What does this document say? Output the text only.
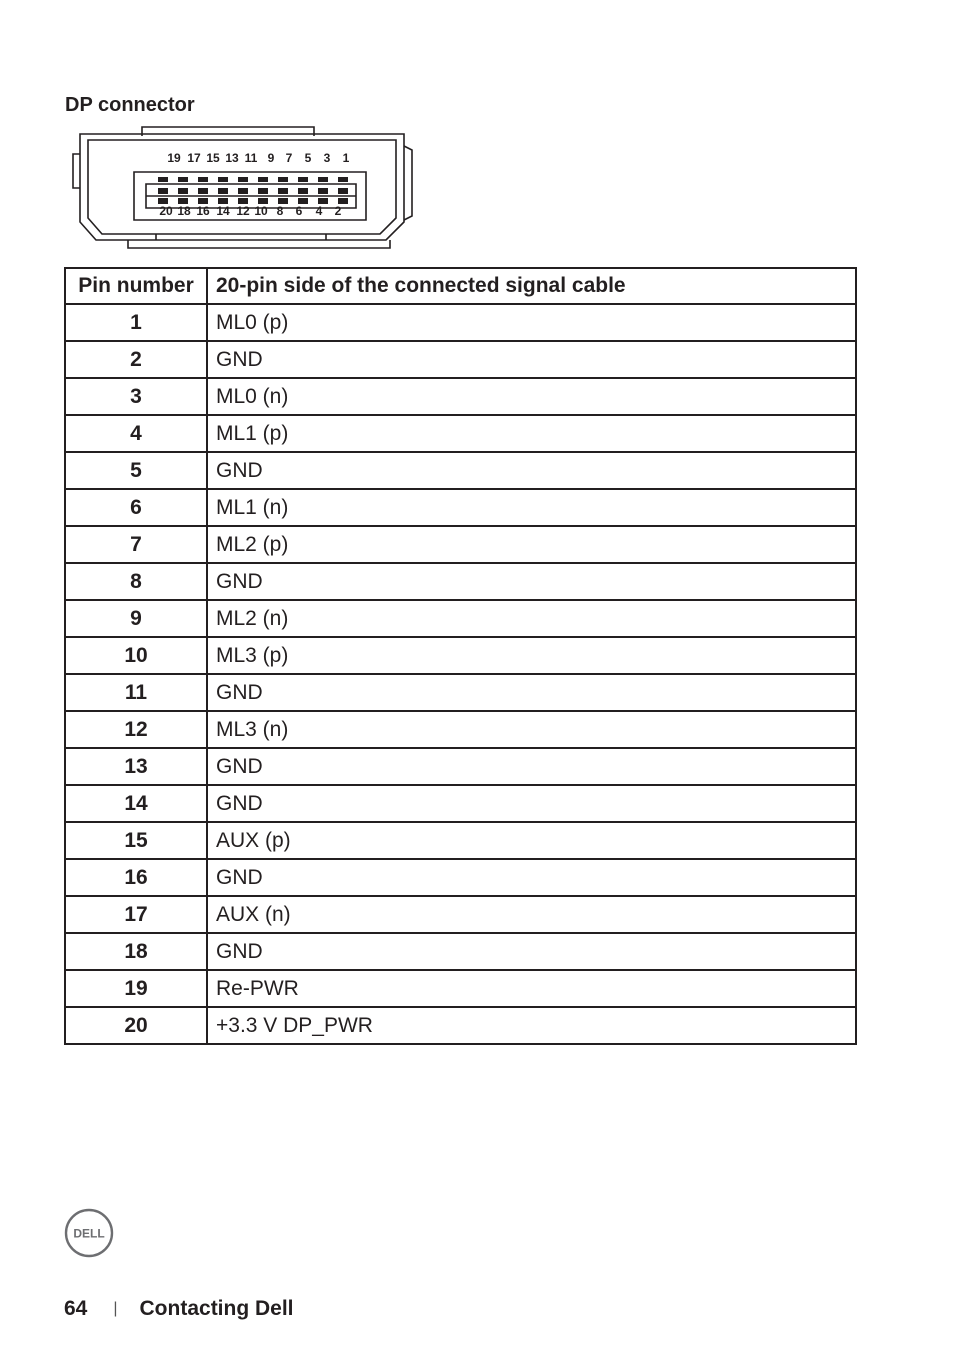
DP connector
19 17 15 13 11 9 7 5 3 1
20 18 16 14 12 10 8 6 4 2
Pin number	20-pin side of the connected signal cable
1	ML0 (p)
2	GND
3	ML0 (n)
4	ML1 (p)
5	GND
6	ML1 (n)
7	ML2 (p)
8	GND
9	ML2 (n)
10	ML3 (p)
11	GND
12	ML3 (n)
13	GND
14	GND
15	AUX (p)
16	GND
17	AUX (n)
18	GND
19	Re-PWR
20	+3.3 V DP_PWR
DELL
64 | Contacting Dell
